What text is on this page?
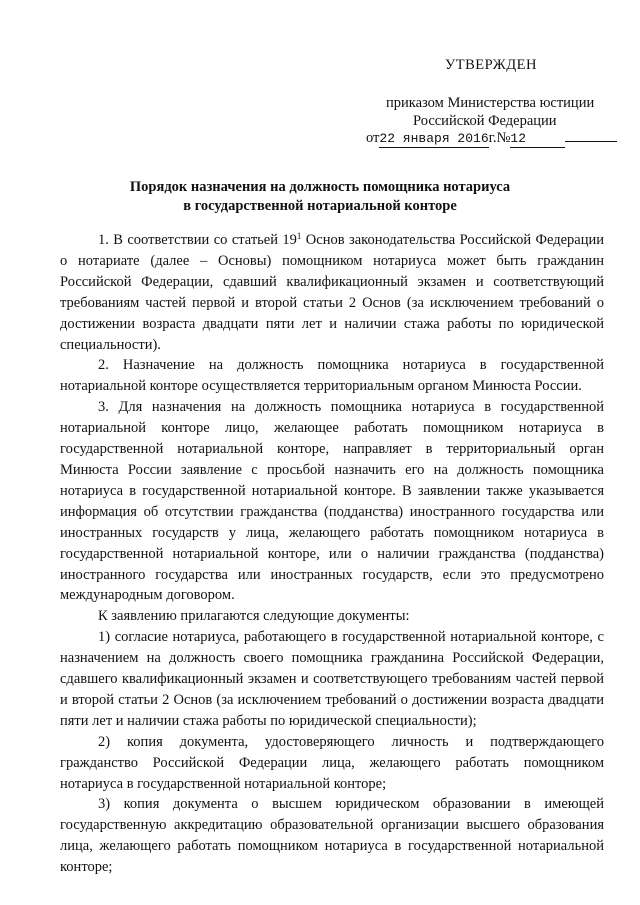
УТВЕРЖДЕН
приказом Министерства юстиции
Российской Федерации
от22 января 2016г.№12
Порядок назначения на должность помощника нотариуса
в государственной нотариальной конторе

1. В соответствии со статьей $19^1$ Основ законодательства Российской Федерации о нотариате (далее – Основы) помощником нотариуса может быть гражданин Российской Федерации, сдавший квалификационный экзамен и соответствующий требованиям частей первой и второй статьи 2 Основ (за исключением требований о достижении возраста двадцати пяти лет и наличии стажа работы по юридической специальности).

2. Назначение на должность помощника нотариуса в государственной нотариальной конторе осуществляется территориальным органом Минюста России.

3. Для назначения на должность помощника нотариуса в государственной нотариальной конторе лицо, желающее работать помощником нотариуса в государственной нотариальной конторе, направляет в территориальный орган Минюста России заявление с просьбой назначить его на должность помощника нотариуса в государственной нотариальной конторе. В заявлении также указывается информация об отсутствии гражданства (подданства) иностранного государства или иностранных государств у лица, желающего работать помощником нотариуса в государственной нотариальной конторе, или о наличии гражданства (подданства) иностранного государства или иностранных государств, если это предусмотрено международным договором.

К заявлению прилагаются следующие документы:

1) согласие нотариуса, работающего в государственной нотариальной конторе, с назначением на должность своего помощника гражданина Российской Федерации, сдавшего квалификационный экзамен и соответствующего требованиям частей первой и второй статьи 2 Основ (за исключением требований о достижении возраста двадцати пяти лет и наличии стажа работы по юридической специальности);

2) копия документа, удостоверяющего личность и подтверждающего гражданство Российской Федерации лица, желающего работать помощником нотариуса в государственной нотариальной конторе;

3) копия документа о высшем юридическом образовании в имеющей государственную аккредитацию образовательной организации высшего образования лица, желающего работать помощником нотариуса в государственной нотариальной конторе;
